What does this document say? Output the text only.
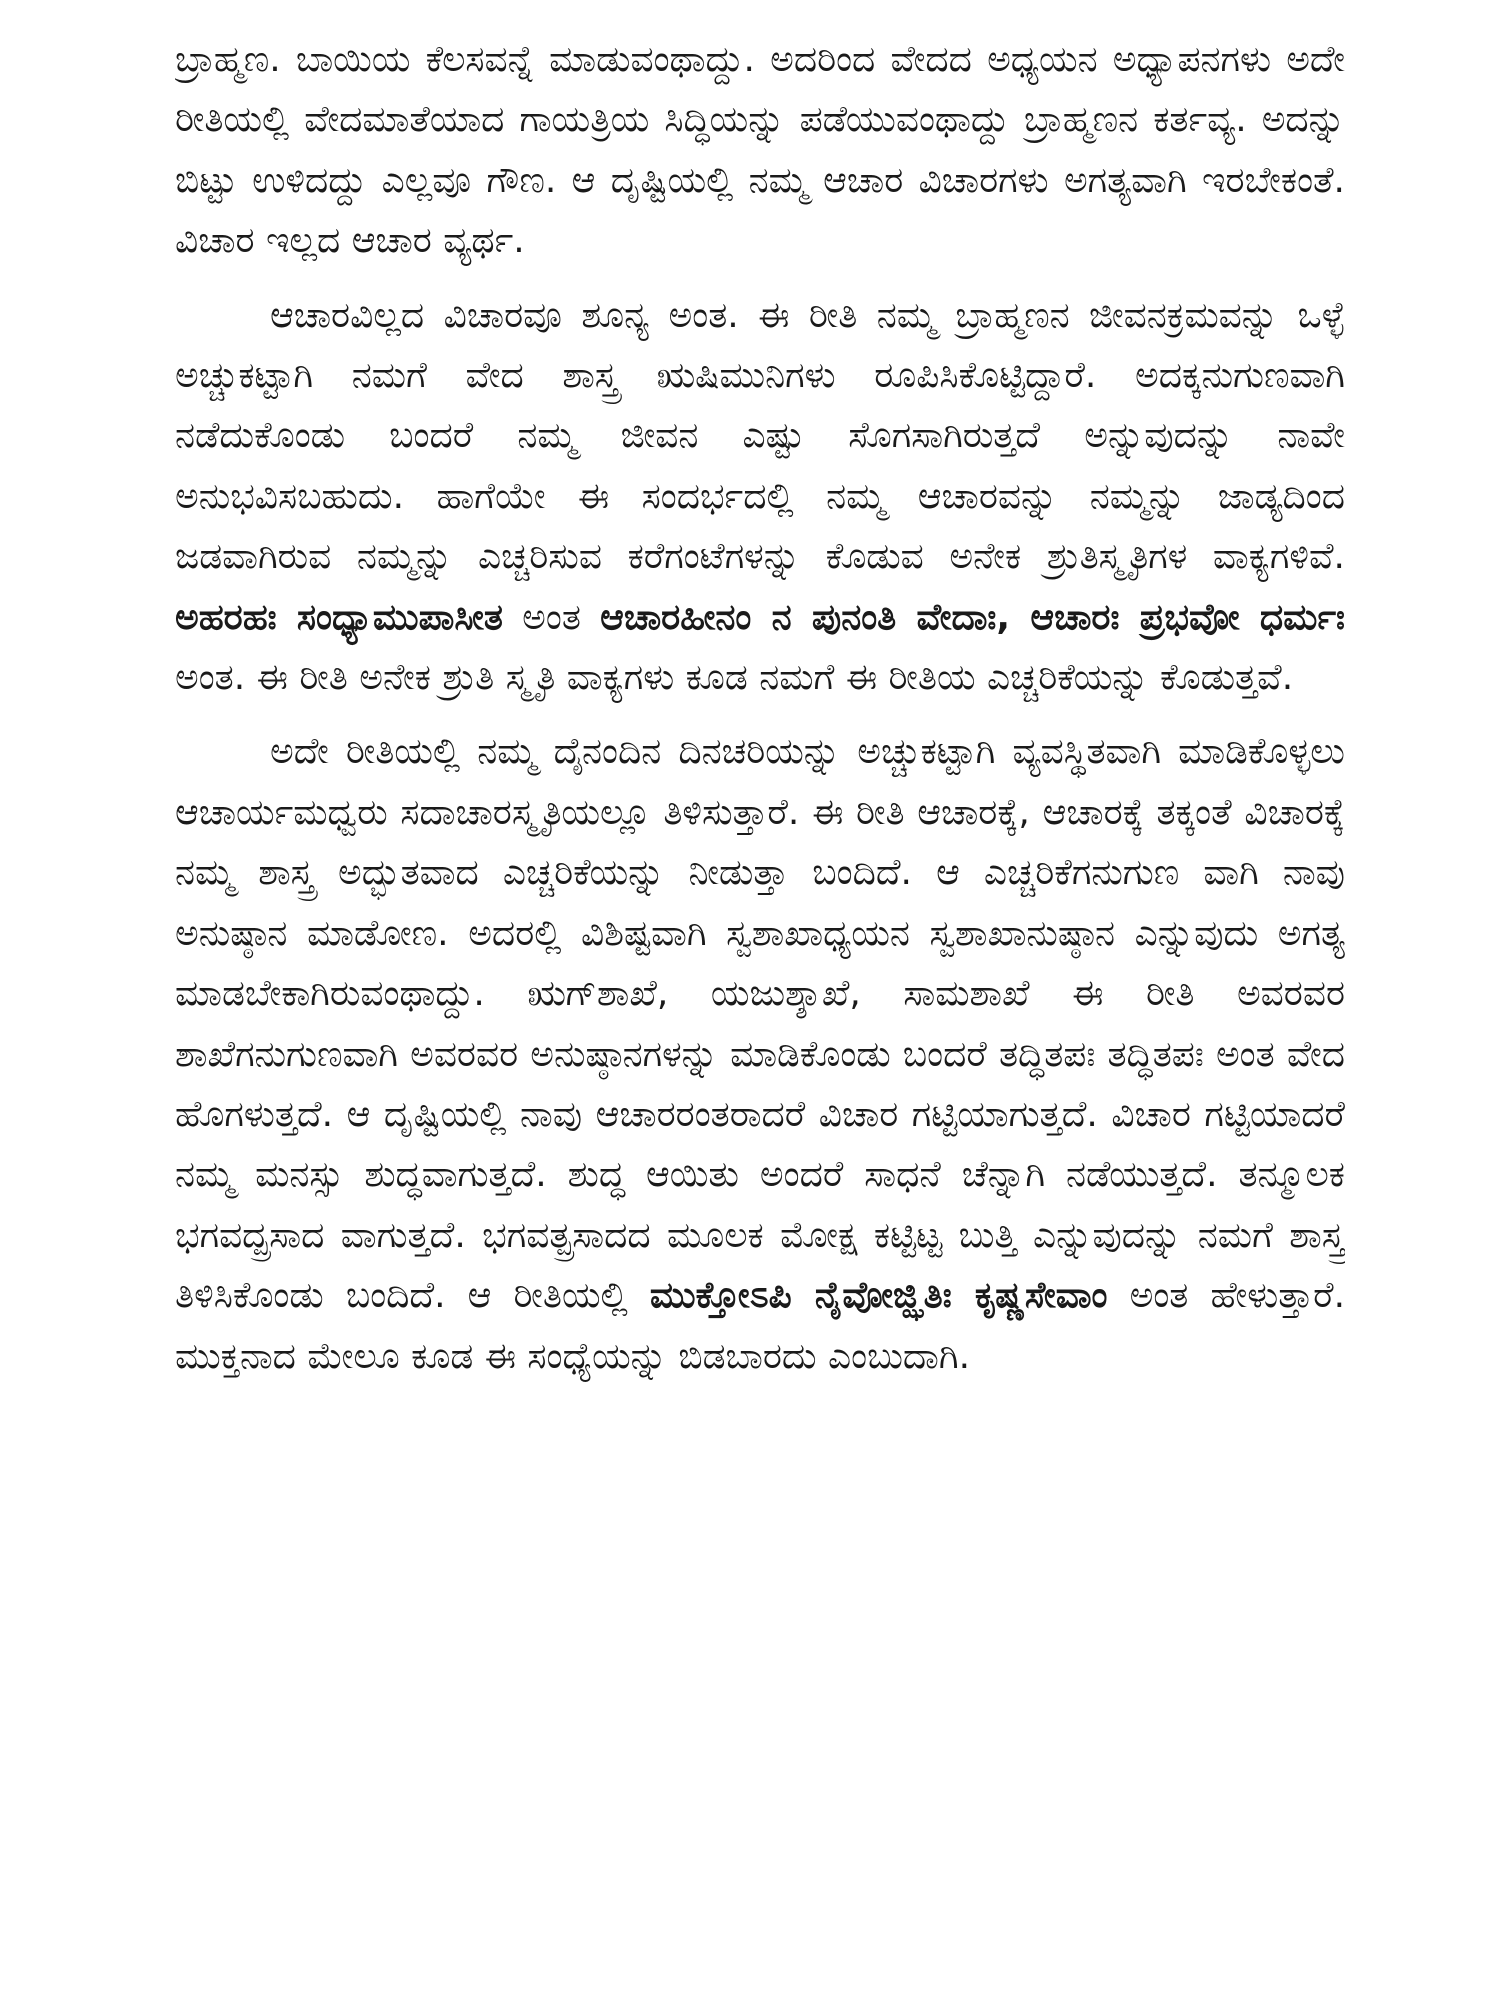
ಬ್ರಾಹ್ಮಣ. ಬಾಯಿಯ ಕೆಲಸವನ್ನೆ ಮಾಡುವಂಥಾದ್ದು. ಅದರಿಂದ ವೇದದ ಅಧ್ಯಯನ ಅಧ್ಯಾಪನಗಳು ಅದೇ ರೀತಿಯಲ್ಲಿ ವೇದಮಾತೆಯಾದ ಗಾಯತ್ರಿಯ ಸಿದ್ಧಿಯನ್ನು ಪಡೆಯುವಂಥಾದ್ದು ಬ್ರಾಹ್ಮಣನ ಕರ್ತವ್ಯ. ಅದನ್ನು ಬಿಟ್ಟು ಉಳಿದದ್ದು ಎಲ್ಲವೂ ಗೌಣ. ಆ ದೃಷ್ಟಿಯಲ್ಲಿ ನಮ್ಮ ಆಚಾರ ವಿಚಾರಗಳು ಅಗತ್ಯವಾಗಿ ಇರಬೇಕಂತೆ. ವಿಚಾರ ಇಲ್ಲದ ಆಚಾರ ವ್ಯರ್ಥ.

ಆಚಾರವಿಲ್ಲದ ವಿಚಾರವೂ ಶೂನ್ಯ ಅಂತ. ಈ ರೀತಿ ನಮ್ಮ ಬ್ರಾಹ್ಮಣನ ಜೀವನಕ್ರಮವನ್ನು ಒಳ್ಳೆ ಅಚ್ಚುಕಟ್ಟಾಗಿ ನಮಗೆ ವೇದ ಶಾಸ್ತ್ರ ಋಷಿಮುನಿಗಳು ರೂಪಿಸಿಕೊಟ್ಟಿದ್ದಾರೆ. ಅದಕ್ಕನುಗುಣವಾಗಿ ನಡೆದುಕೊಂಡು ಬಂದರೆ ನಮ್ಮ ಜೀವನ ಎಷ್ಟು ಸೊಗಸಾಗಿರುತ್ತದೆ ಅನ್ನುವುದನ್ನು ನಾವೇ ಅನುಭವಿಸಬಹುದು. ಹಾಗೆಯೇ ಈ ಸಂದರ್ಭದಲ್ಲಿ ನಮ್ಮ ಆಚಾರವನ್ನು ನಮ್ಮನ್ನು ಜಾಡ್ಯದಿಂದ ಜಡವಾಗಿರುವ ನಮ್ಮನ್ನು ಎಚ್ಚರಿಸುವ ಕರೆಗಂಟೆಗಳನ್ನು ಕೊಡುವ ಅನೇಕ ಶ್ರುತಿಸ್ಮೃತಿಗಳ ವಾಕ್ಯಗಳಿವೆ. ಅಹರಹಃ ಸಂಧ್ಯಾಮುಪಾಸೀತ ಅಂತ ಆಚಾರಹೀನಂ ನ ಪುನಂತಿ ವೇದಾಃ, ಆಚಾರಃ ಪ್ರಭವೋ ಧರ್ಮಃ ಅಂತ. ಈ ರೀತಿ ಅನೇಕ ಶ್ರುತಿ ಸ್ಮೃತಿ ವಾಕ್ಯಗಳು ಕೂಡ ನಮಗೆ ಈ ರೀತಿಯ ಎಚ್ಚರಿಕೆಯನ್ನು ಕೊಡುತ್ತವೆ.

ಅದೇ ರೀತಿಯಲ್ಲಿ ನಮ್ಮ ದೈನಂದಿನ ದಿನಚರಿಯನ್ನು ಅಚ್ಚುಕಟ್ಟಾಗಿ ವ್ಯವಸ್ಥಿತವಾಗಿ ಮಾಡಿಕೊಳ್ಳಲು ಆಚಾರ್ಯಮಧ್ವರು ಸದಾಚಾರಸ್ಮೃತಿಯಲ್ಲೂ ತಿಳಿಸುತ್ತಾರೆ. ಈ ರೀತಿ ಆಚಾರಕ್ಕೆ, ಆಚಾರಕ್ಕೆ ತಕ್ಕಂತೆ ವಿಚಾರಕ್ಕೆ ನಮ್ಮ ಶಾಸ್ತ್ರ ಅದ್ಭುತವಾದ ಎಚ್ಚರಿಕೆಯನ್ನು ನೀಡುತ್ತಾ ಬಂದಿದೆ. ಆ ಎಚ್ಚರಿಕೆಗನುಗುಣ ವಾಗಿ ನಾವು ಅನುಷ್ಠಾನ ಮಾಡೋಣ. ಅದರಲ್ಲಿ ವಿಶಿಷ್ಟವಾಗಿ ಸ್ವಶಾಖಾಧ್ಯಯನ ಸ್ವಶಾಖಾನುಷ್ಠಾನ ಎನ್ನುವುದು ಅಗತ್ಯ ಮಾಡಬೇಕಾಗಿರುವಂಥಾದ್ದು. ಋಗ್‌ಶಾಖೆ, ಯಜುಶ್ಶಾಖೆ, ಸಾಮಶಾಖೆ ಈ ರೀತಿ ಅವರವರ ಶಾಖೆಗನುಗುಣವಾಗಿ ಅವರವರ ಅನುಷ್ಠಾನಗಳನ್ನು ಮಾಡಿಕೊಂಡು ಬಂದರೆ ತದ್ಧಿತಪಃ ತದ್ಧಿತಪಃ ಅಂತ ವೇದ ಹೊಗಳುತ್ತದೆ. ಆ ದೃಷ್ಟಿಯಲ್ಲಿ ನಾವು ಆಚಾರರಂತರಾದರೆ ವಿಚಾರ ಗಟ್ಟಿಯಾಗುತ್ತದೆ. ವಿಚಾರ ಗಟ್ಟಿಯಾದರೆ ನಮ್ಮ ಮನಸ್ಸು ಶುದ್ಧವಾಗುತ್ತದೆ. ಶುದ್ಧ ಆಯಿತು ಅಂದರೆ ಸಾಧನೆ ಚೆನ್ನಾಗಿ ನಡೆಯುತ್ತದೆ. ತನ್ಮೂಲಕ ಭಗವದ್ಪ್ರಸಾದ ವಾಗುತ್ತದೆ. ಭಗವತ್ಪ್ರಸಾದದ ಮೂಲಕ ಮೋಕ್ಷ ಕಟ್ಟಿಟ್ಟ ಬುತ್ತಿ ಎನ್ನುವುದನ್ನು ನಮಗೆ ಶಾಸ್ತ್ರ ತಿಳಿಸಿಕೊಂಡು ಬಂದಿದೆ. ಆ ರೀತಿಯಲ್ಲಿ ಮುಕ್ತೋಽಪಿ ನೈವೋಜ್ಝಿತಿಃ ಕೃಷ್ಣಸೇವಾಂ ಅಂತ ಹೇಳುತ್ತಾರೆ. ಮುಕ್ತನಾದ ಮೇಲೂ ಕೂಡ ಈ ಸಂಧ್ಯೆಯನ್ನು ಬಿಡಬಾರದು ಎಂಬುದಾಗಿ.
